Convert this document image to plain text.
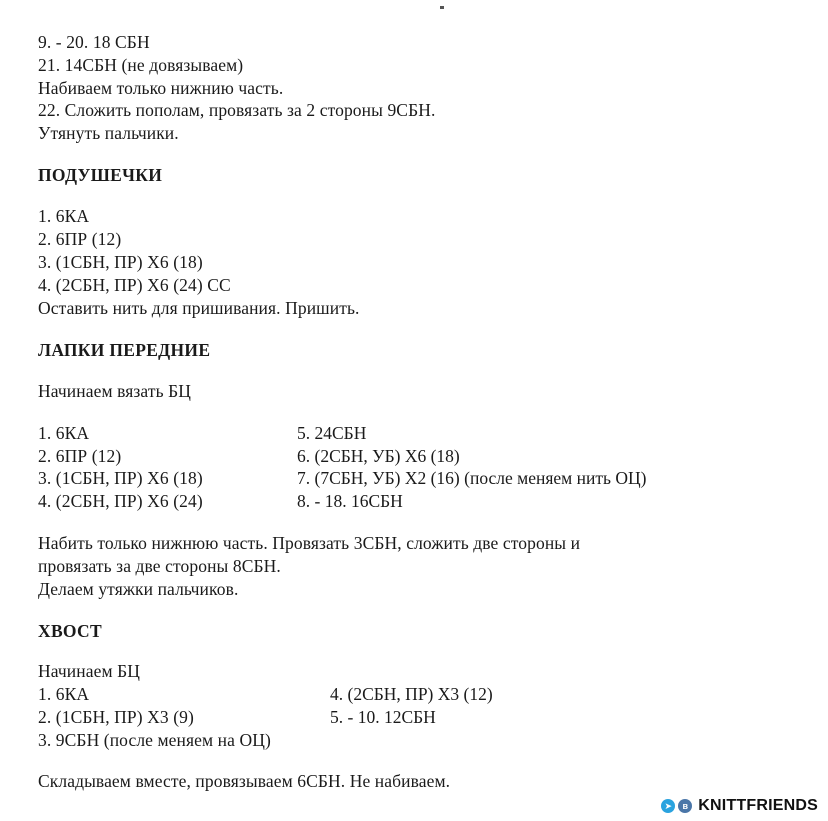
9. - 20. 18 СБН
21. 14СБН (не довязываем)
Набиваем только нижнию часть.
22. Сложить пополам, провязать за 2 стороны 9СБН.
Утянуть пальчики.
ПОДУШЕЧКИ
1. 6КА
2. 6ПР (12)
3. (1СБН, ПР) Х6 (18)
4. (2СБН, ПР) Х6 (24) СС
Оставить нить для пришивания. Пришить.
ЛАПКИ ПЕРЕДНИЕ
Начинаем вязать БЦ
1. 6КА
2. 6ПР (12)
3. (1СБН, ПР) Х6 (18)
4. (2СБН, ПР) Х6 (24)
5. 24СБН
6. (2СБН, УБ) Х6 (18)
7. (7СБН, УБ) Х2 (16) (после меняем нить ОЦ)
8. - 18. 16СБН
Набить только нижнюю часть. Провязать 3СБН, сложить две стороны и
провязать за две стороны 8СБН.
Делаем утяжки пальчиков.
ХВОСТ
Начинаем БЦ
1. 6КА
2. (1СБН, ПР) Х3 (9)
3. 9СБН (после меняем на ОЦ)
4. (2СБН, ПР) Х3 (12)
5. - 10. 12СБН
Складываем вместе, провязываем 6СБН. Не набиваем.
➤	в KNITTFRIENDS
